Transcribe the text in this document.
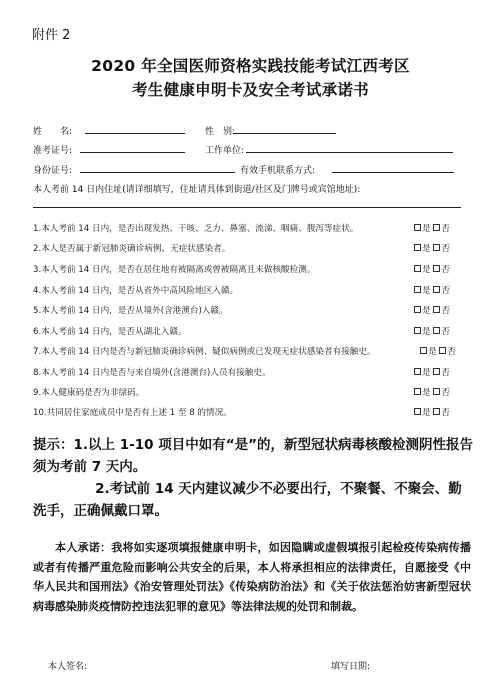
附件 2
2020 年全国医师资格实践技能考试江西考区
考生健康申明卡及安全考试承诺书
姓　　名:	性　别:
准考证号:	工作单位:
身份证号:	有效手机联系方式:
本人考前 14 日内住址(请详细填写，住址请具体到街道/社区及门牌号或宾馆地址):
1.本人考前 14 日内，是否出现发热、干咳、乏力、鼻塞、流涕、咽痛、腹泻等症状。	是 否
2.本人是否属于新冠肺炎确诊病例、无症状感染者。	是 否
3.本人考前 14 日内，是否在居住地有被隔离或曾被隔离且未做核酸检测。	是 否
4.本人考前 14 日内，是否从省外中高风险地区入赣。	是 否
5.本人考前 14 日内，是否从境外(含港澳台)入赣。	是 否
6.本人考前 14 日内，是否从湖北入赣。	是 否
7.本人考前 14 日内是否与新冠肺炎确诊病例、疑似病例或已发现无症状感染者有接触史。	是 否
8.本人考前 14 日内是否与来自境外(含港澳台)人员有接触史。	是 否
9.本人健康码是否为非绿码。	是 否
10.共同居住家庭成员中是否有上述 1 至 8 的情况。	是 否
提示：1.以上 1-10 项目中如有“是”的，新型冠状病毒核酸检测阴性报告须为考前 7 天内。
2.考试前 14 天内建议减少不必要出行，不聚餐、不聚会、勤洗手，正确佩戴口罩。
本人承诺：我将如实逐项填报健康申明卡，如因隐瞒或虚假填报引起检疫传染病传播或者有传播严重危险而影响公共安全的后果，本人将承担相应的法律责任，自愿接受《中华人民共和国刑法》《治安管理处罚法》《传染病防治法》和《关于依法惩治妨害新型冠状病毒感染肺炎疫情防控违法犯罪的意见》等法律法规的处罚和制裁。
本人签名:	填写日期:
